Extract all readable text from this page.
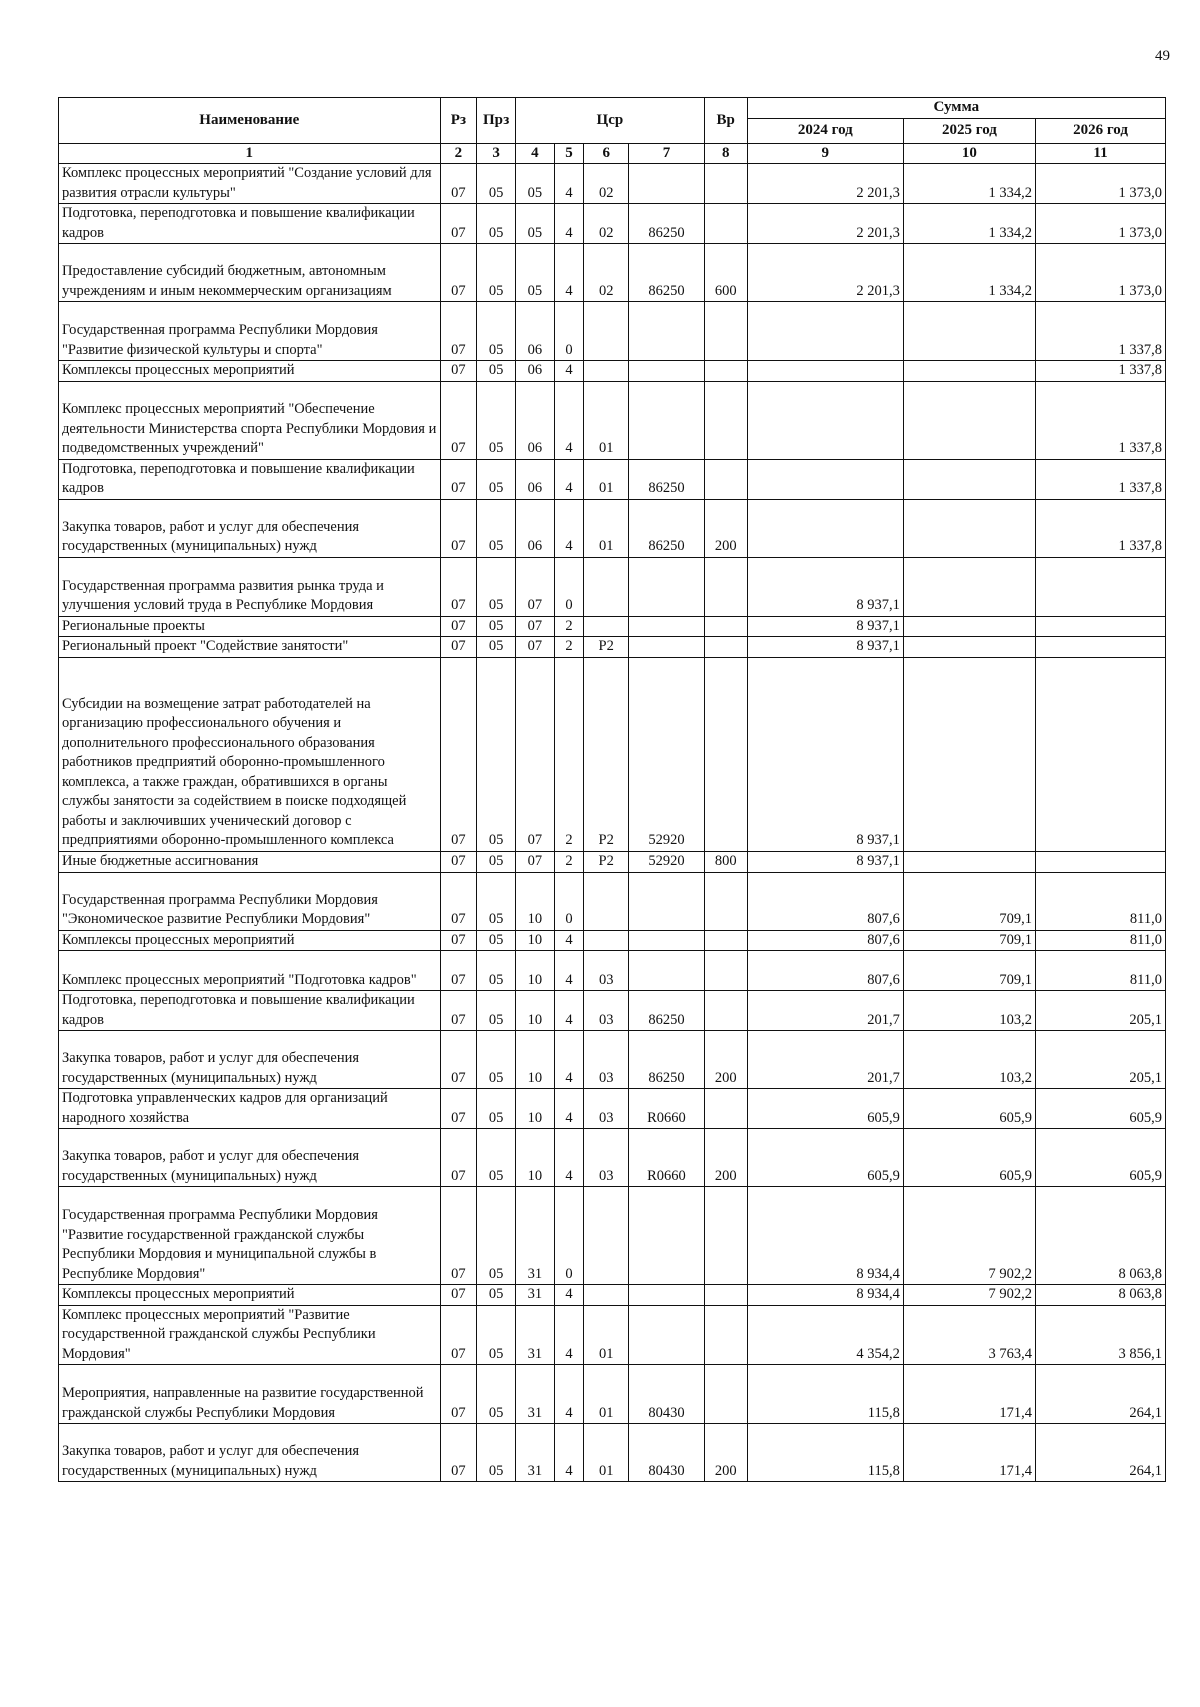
49
Наименование	Рз	Прз	Цср				Вр	Сумма		
								2024 год	2025 год	2026 год
1	2	3	4	5	6	7	8	9	10	11
Комплекс процессных мероприятий "Создание условий для развития отрасли культуры"	07	05	05	4	02			2 201,3	1 334,2	1 373,0
Подготовка, переподготовка и повышение квалификации кадров	07	05	05	4	02	86250		2 201,3	1 334,2	1 373,0
Предоставление субсидий бюджетным, автономным учреждениям и иным некоммерческим организациям	07	05	05	4	02	86250	600	2 201,3	1 334,2	1 373,0
Государственная программа Республики Мордовия "Развитие физической культуры и спорта"	07	05	06	0						1 337,8
Комплексы процессных мероприятий	07	05	06	4						1 337,8
Комплекс процессных мероприятий "Обеспечение деятельности Министерства спорта Республики Мордовия и подведомственных учреждений"	07	05	06	4	01					1 337,8
Подготовка, переподготовка и повышение квалификации кадров	07	05	06	4	01	86250				1 337,8
Закупка товаров, работ и услуг для обеспечения государственных (муниципальных) нужд	07	05	06	4	01	86250	200			1 337,8
Государственная программа развития рынка труда и улучшения условий труда в Республике Мордовия	07	05	07	0				8 937,1		
Региональные проекты	07	05	07	2				8 937,1		
Региональный проект "Содействие занятости"	07	05	07	2	P2			8 937,1		
Субсидии на возмещение затрат работодателей на организацию профессионального обучения и дополнительного профессионального образования работников предприятий оборонно-промышленного комплекса, а также граждан, обратившихся в органы службы занятости за содействием в поиске подходящей работы и заключивших ученический договор с предприятиями оборонно-промышленного комплекса	07	05	07	2	P2	52920		8 937,1		
Иные бюджетные ассигнования	07	05	07	2	P2	52920	800	8 937,1		
Государственная программа Республики Мордовия "Экономическое развитие Республики Мордовия"	07	05	10	0				807,6	709,1	811,0
Комплексы процессных мероприятий	07	05	10	4				807,6	709,1	811,0
Комплекс процессных мероприятий "Подготовка кадров"	07	05	10	4	03			807,6	709,1	811,0
Подготовка, переподготовка и повышение квалификации кадров	07	05	10	4	03	86250		201,7	103,2	205,1
Закупка товаров, работ и услуг для обеспечения государственных (муниципальных) нужд	07	05	10	4	03	86250	200	201,7	103,2	205,1
Подготовка управленческих кадров для организаций народного хозяйства	07	05	10	4	03	R0660		605,9	605,9	605,9
Закупка товаров, работ и услуг для обеспечения государственных (муниципальных) нужд	07	05	10	4	03	R0660	200	605,9	605,9	605,9
Государственная программа Республики Мордовия "Развитие государственной гражданской службы Республики Мордовия и муниципальной службы в Республике Мордовия"	07	05	31	0				8 934,4	7 902,2	8 063,8
Комплексы процессных мероприятий	07	05	31	4				8 934,4	7 902,2	8 063,8
Комплекс процессных мероприятий "Развитие государственной гражданской службы Республики Мордовия"	07	05	31	4	01			4 354,2	3 763,4	3 856,1
Мероприятия, направленные на развитие государственной гражданской службы Республики Мордовия	07	05	31	4	01	80430		115,8	171,4	264,1
Закупка товаров, работ и услуг для обеспечения государственных (муниципальных) нужд	07	05	31	4	01	80430	200	115,8	171,4	264,1
